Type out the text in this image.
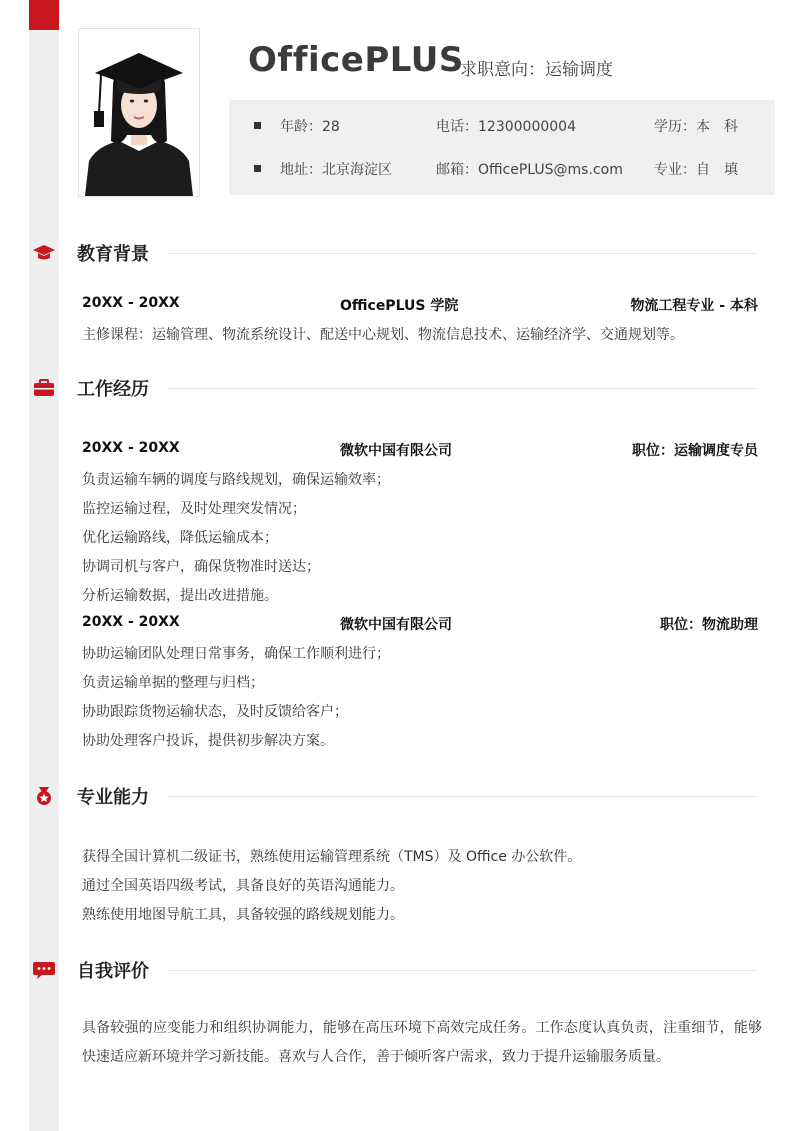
OfficePLUS
求职意向：运输调度
年龄：28	电话：12300000004	学历：本　科
地址：北京海淀区	邮箱：OfficePLUS@ms.com 专业：自　填
教育背景
20XX - 20XX	OfficePLUS 学院	物流工程专业 - 本科
主修课程：运输管理、物流系统设计、配送中心规划、物流信息技术、运输经济学、交通规划等。
工作经历
20XX - 20XX	微软中国有限公司	职位：运输调度专员
负责运输车辆的调度与路线规划，确保运输效率；
监控运输过程，及时处理突发情况；
优化运输路线，降低运输成本；
协调司机与客户，确保货物准时送达；
分析运输数据，提出改进措施。
20XX - 20XX	微软中国有限公司	职位：物流助理
协助运输团队处理日常事务，确保工作顺利进行；
负责运输单据的整理与归档；
协助跟踪货物运输状态，及时反馈给客户；
协助处理客户投诉，提供初步解决方案。
专业能力
获得全国计算机二级证书，熟练使用运输管理系统（TMS）及 Office 办公软件。
通过全国英语四级考试，具备良好的英语沟通能力。
熟练使用地图导航工具，具备较强的路线规划能力。
自我评价
具备较强的应变能力和组织协调能力，能够在高压环境下高效完成任务。工作态度认真负责，注重细节，能够快速适应新环境并学习新技能。喜欢与人合作，善于倾听客户需求，致力于提升运输服务质量。
